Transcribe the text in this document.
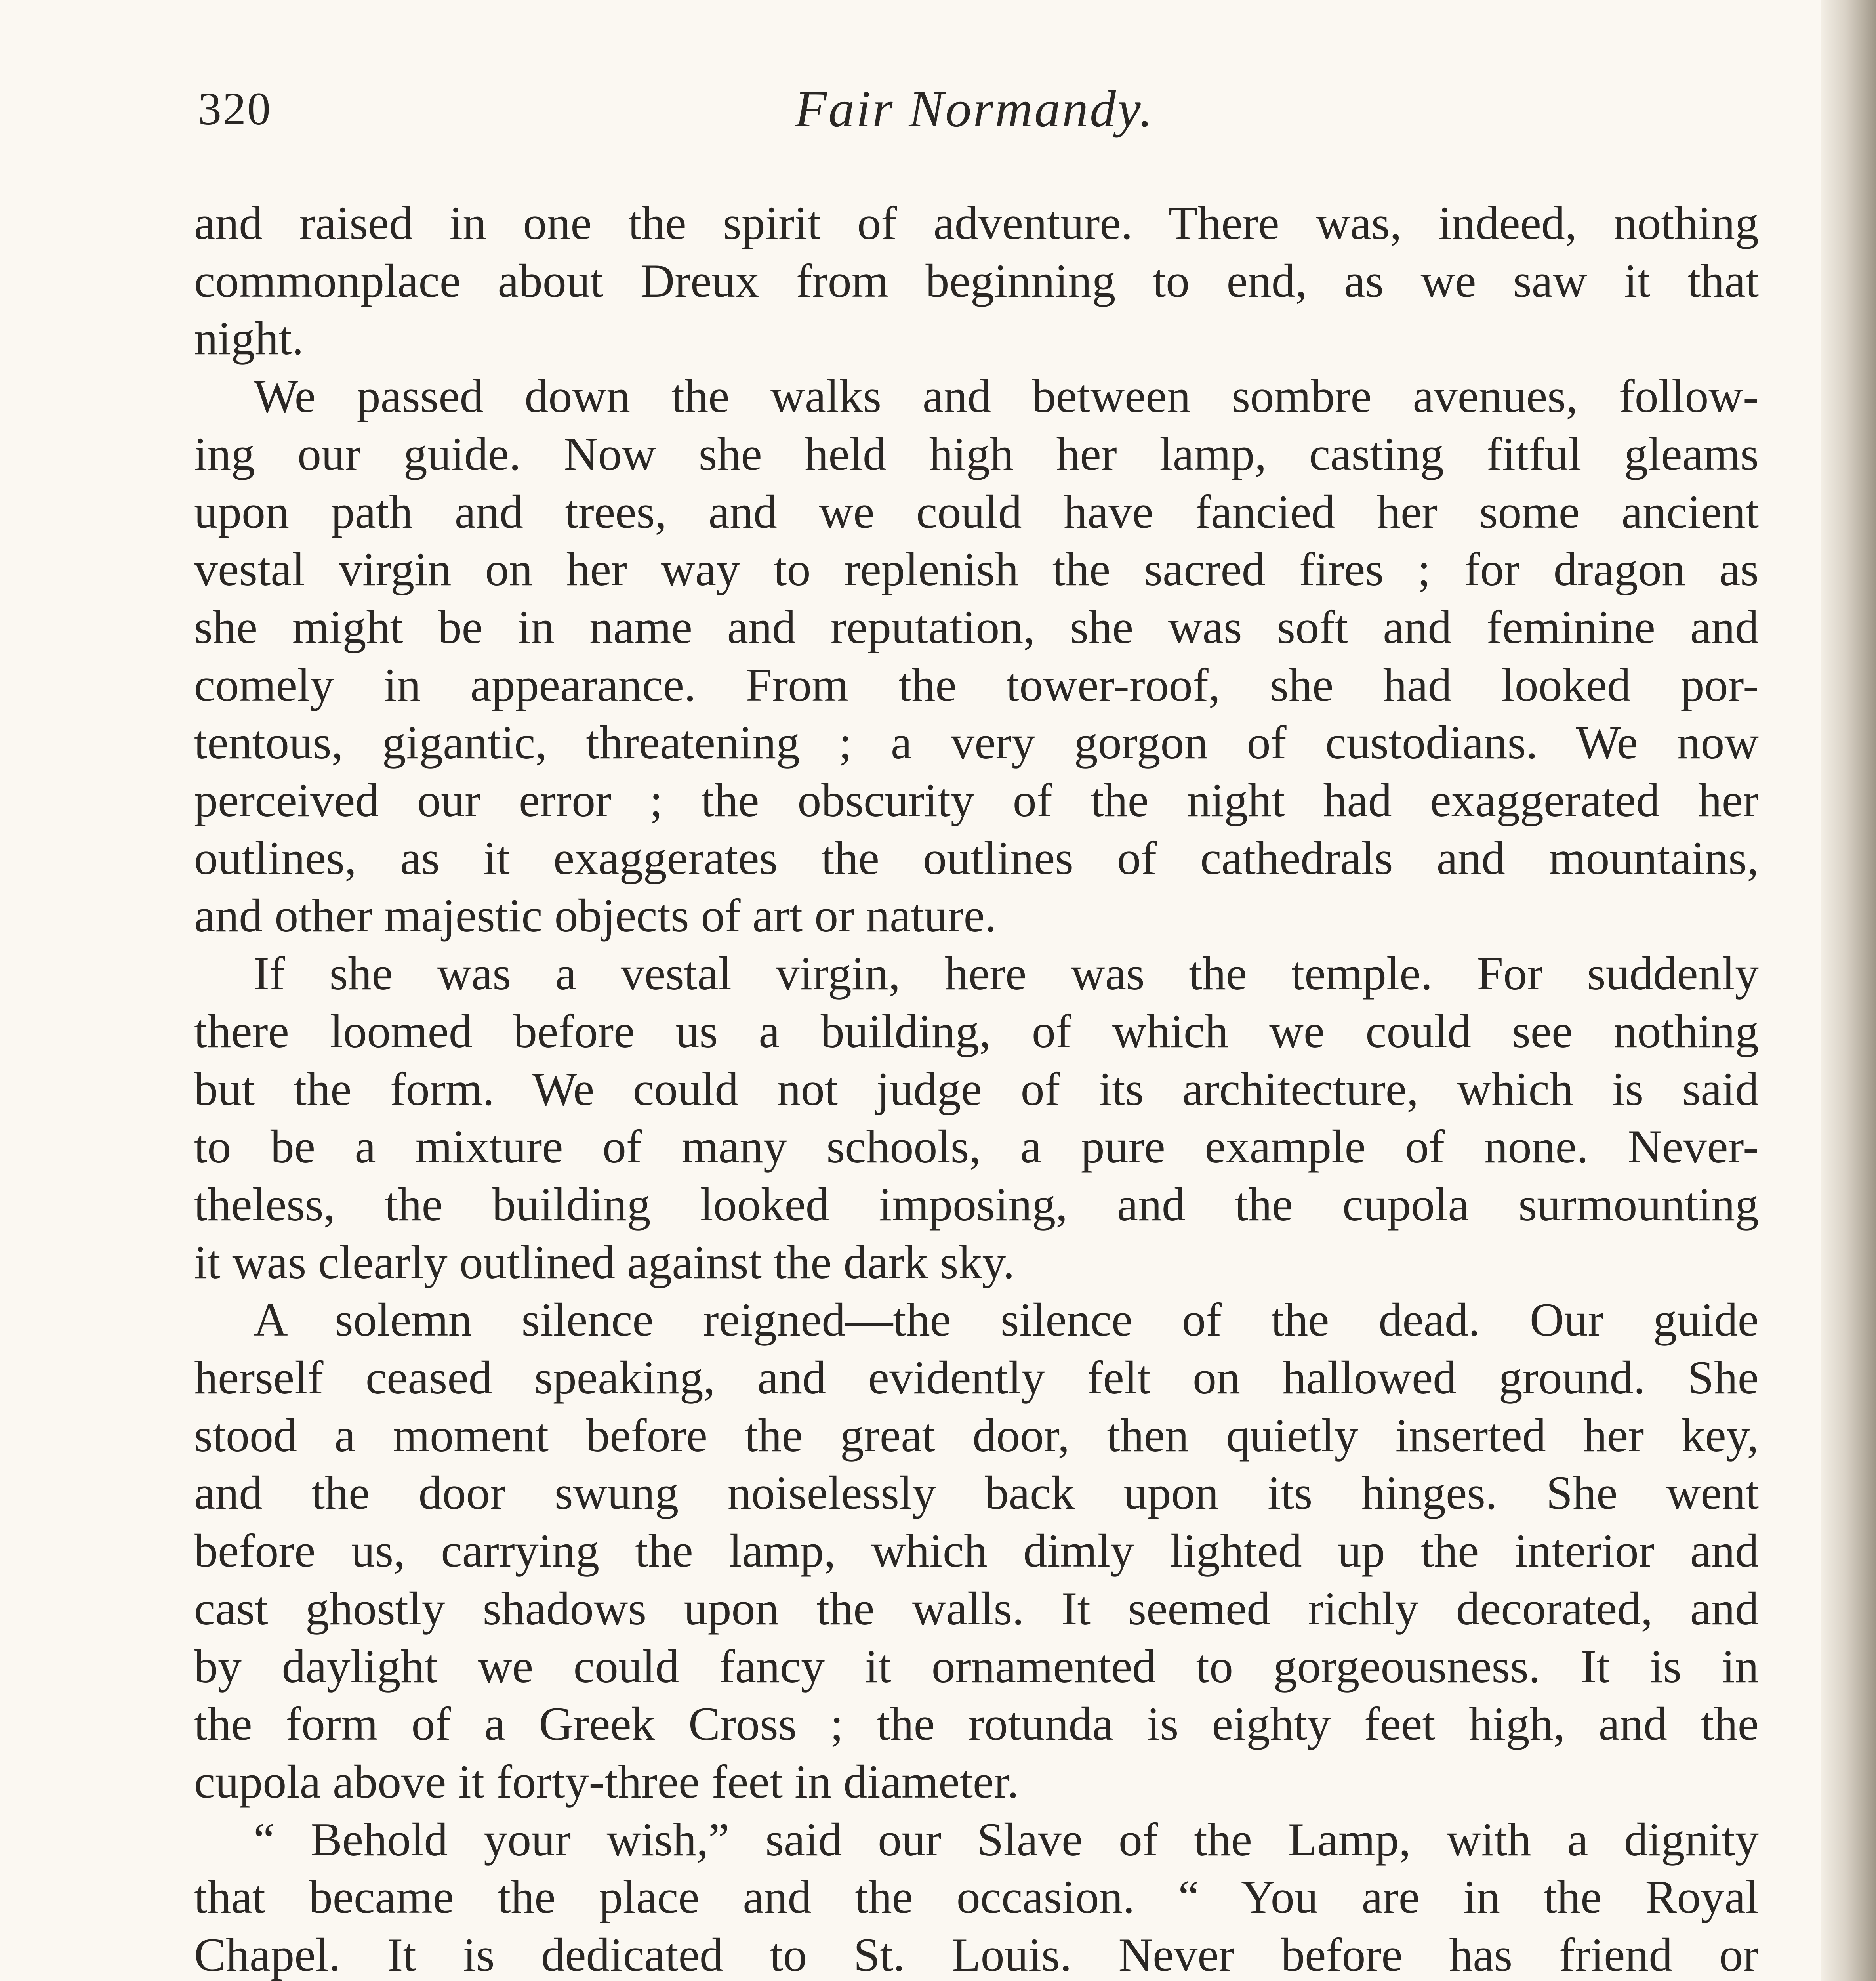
320	Fair Normandy.

and raised in one the spirit of adventure. There was, indeed, nothing

commonplace about Dreux from beginning to end, as we saw it that

night.

We passed down the walks and between sombre avenues, follow-

ing our guide. Now she held high her lamp, casting fitful gleams

upon path and trees, and we could have fancied her some ancient

vestal virgin on her way to replenish the sacred fires ; for dragon as

she might be in name and reputation, she was soft and feminine and

comely in appearance. From the tower-roof, she had looked por-

tentous, gigantic, threatening ; a very gorgon of custodians. We now

perceived our error ; the obscurity of the night had exaggerated her

outlines, as it exaggerates the outlines of cathedrals and mountains,

and other majestic objects of art or nature.

If she was a vestal virgin, here was the temple. For suddenly

there loomed before us a building, of which we could see nothing

but the form. We could not judge of its architecture, which is said

to be a mixture of many schools, a pure example of none. Never-

theless, the building looked imposing, and the cupola surmounting

it was clearly outlined against the dark sky.

A solemn silence reigned—the silence of the dead. Our guide

herself ceased speaking, and evidently felt on hallowed ground. She

stood a moment before the great door, then quietly inserted her key,

and the door swung noiselessly back upon its hinges. She went

before us, carrying the lamp, which dimly lighted up the interior and

cast ghostly shadows upon the walls. It seemed richly decorated, and

by daylight we could fancy it ornamented to gorgeousness. It is in

the form of a Greek Cross ; the rotunda is eighty feet high, and the

cupola above it forty-three feet in diameter.

“ Behold your wish,” said our Slave of the Lamp, with a dignity

that became the place and the occasion. “ You are in the Royal

Chapel. It is dedicated to St. Louis. Never before has friend or
